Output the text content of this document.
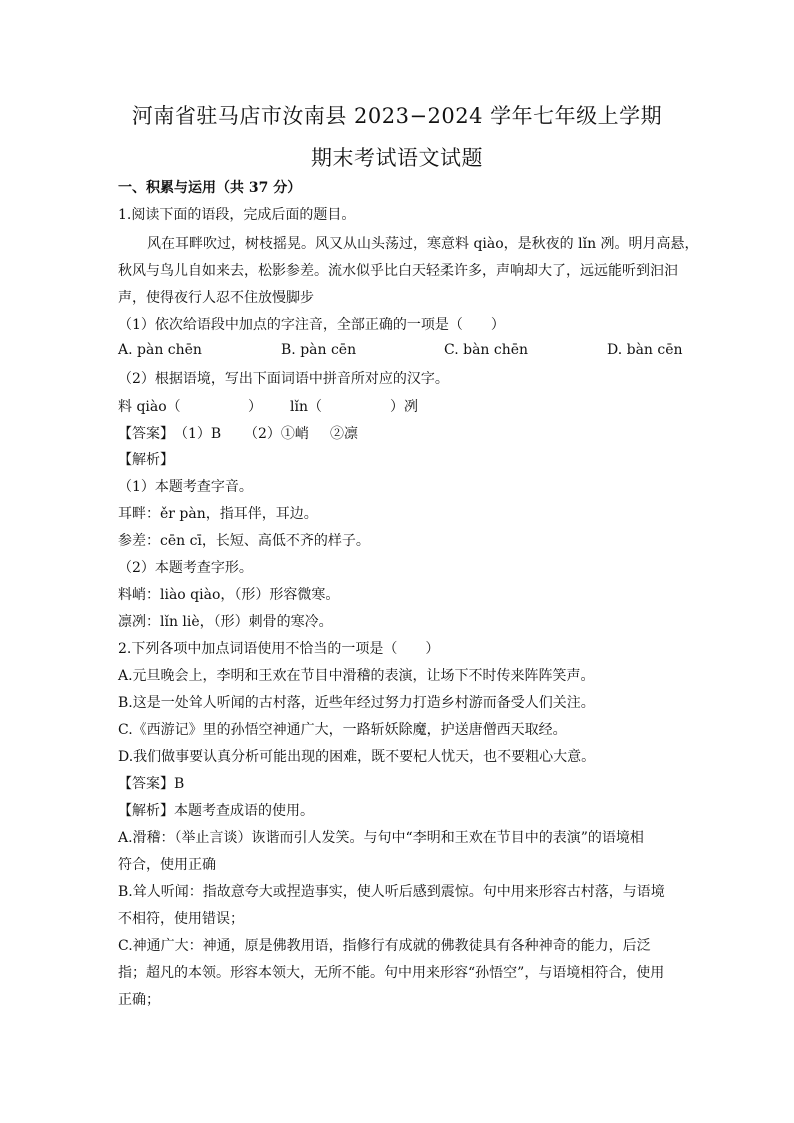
河南省驻马店市汝南县 2023−2024 学年七年级上学期
期末考试语文试题
一、积累与运用（共 37 分）
1.阅读下面的语段，完成后面的题目。
风在耳畔吹过，树枝摇晃。风又从山头荡过，寒意料 qiào，是秋夜的 lǐn 冽。明月高悬，
秋风与鸟儿自如来去，松影参差。流水似乎比白天轻柔许多，声响却大了，远远能听到汩汩
声，使得夜行人忍不住放慢脚步
（1）依次给语段中加点的字注音，全部正确的一项是（　　）
A. pàn chēn	B. pàn cēn	C. bàn chēn	D. bàn cēn
（2）根据语境，写出下面词语中拼音所对应的汉字。
料 qiào（	） lǐn（	）冽
【答案】 （1）B （2）①峭 ②凛
【解析】
（1）本题考查字音。
耳畔：ěr pàn，指耳伴，耳边。
参差：cēn cī，长短、高低不齐的样子。
（2）本题考查字形。
料峭：liào qiào，（形）形容微寒。
凛冽：lǐn liè，（形）刺骨的寒冷。
2.下列各项中加点词语使用不恰当的一项是（　　）
A.元旦晚会上，李明和王欢在节目中滑稽的表演，让场下不时传来阵阵笑声。
B.这是一处耸人听闻的古村落，近些年经过努力打造乡村游而备受人们关注。
C.《西游记》里的孙悟空神通广大，一路斩妖除魔，护送唐僧西天取经。
D.我们做事要认真分析可能出现的困难，既不要杞人忧天，也不要粗心大意。
【答案】B
【解析】本题考查成语的使用。
A.滑稽：（举止言谈）诙谐而引人发笑。与句中“李明和王欢在节目中的表演”的语境相
符合，使用正确
B.耸人听闻：指故意夸大或捏造事实，使人听后感到震惊。句中用来形容古村落，与语境
不相符，使用错误；
C.神通广大：神通，原是佛教用语，指修行有成就的佛教徒具有各种神奇的能力，后泛
指；超凡的本领。形容本领大，无所不能。句中用来形容“孙悟空”，与语境相符合，使用
正确；
